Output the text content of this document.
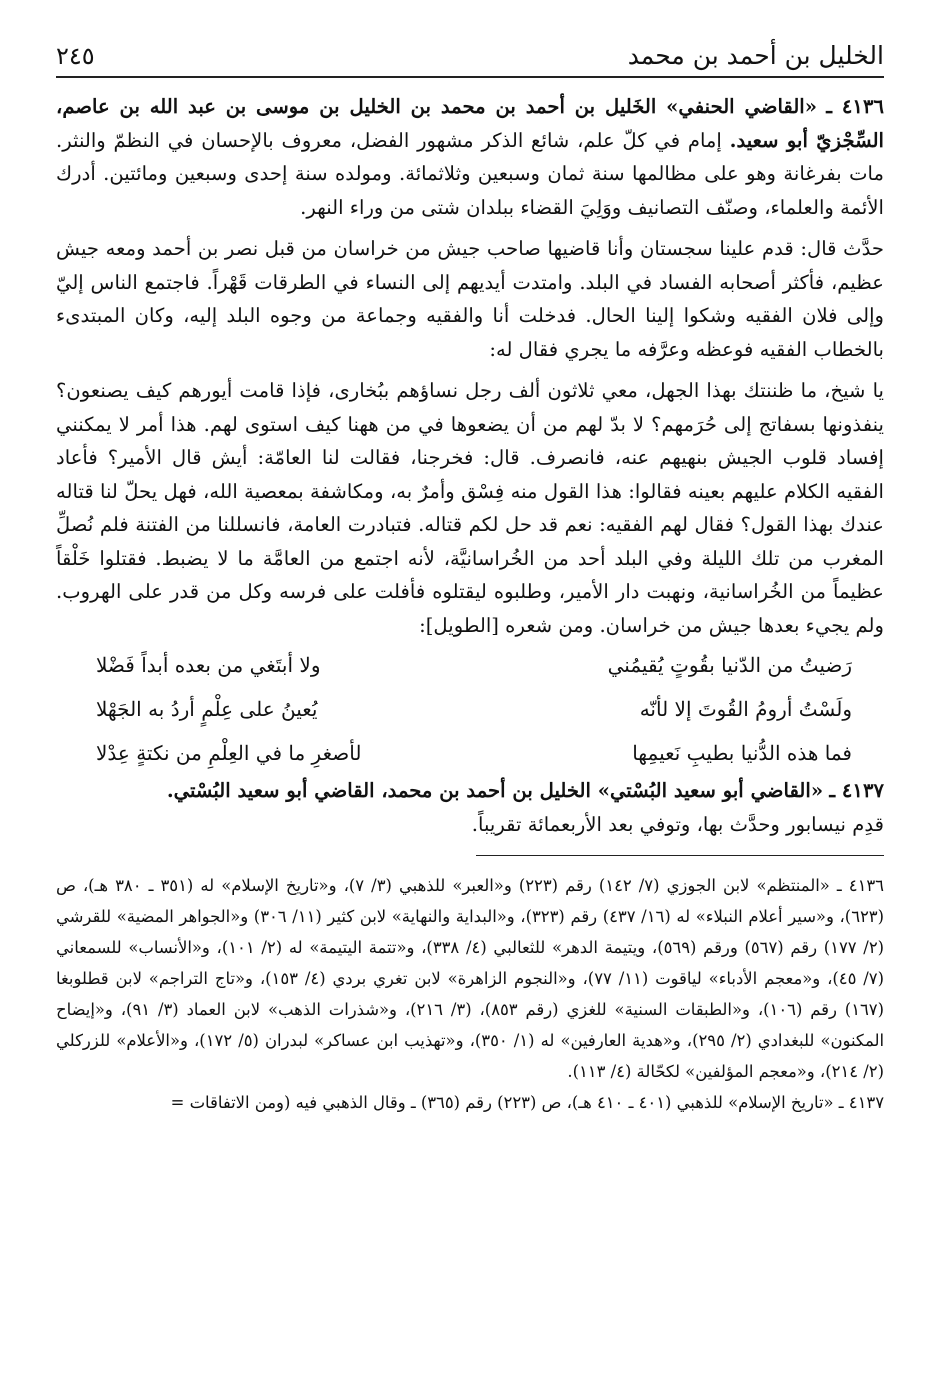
الخليل بن أحمد بن محمد
٢٤٥

٤١٣٦ ـ «القاضي الحنفي» الخَليل بن أحمد بن محمد بن الخليل بن موسى بن عبد الله بن عاصم، السِّجْزيّ أبو سعيد. إمام في كلّ علم، شائع الذكر مشهور الفضل، معروف بالإحسان في النظمّ والنثر. مات بفرغانة وهو على مظالمها سنة ثمان وسبعين وثلاثمائة. ومولده سنة إحدى وسبعين ومائتين. أدرك الأئمة والعلماء، وصنّف التصانيف ووَلِيَ القضاء ببلدان شتى من وراء النهر.

حدَّث قال: قدم علينا سجستان وأنا قاضيها صاحب جيش من خراسان من قبل نصر بن أحمد ومعه جيش عظيم، فأكثر أصحابه الفساد في البلد. وامتدت أيديهم إلى النساء في الطرقات قَهْراً. فاجتمع الناس إليّ وإلى فلان الفقيه وشكوا إلينا الحال. فدخلت أنا والفقيه وجماعة من وجوه البلد إليه، وكان المبتدىء بالخطاب الفقيه فوعظه وعرَّفه ما يجري فقال له:

يا شيخ، ما ظننتك بهذا الجهل، معي ثلاثون ألف رجل نساؤهم ببُخارى، فإذا قامت أيورهم كيف يصنعون؟ ينفذونها بسفاتج إلى حُرَمهم؟ لا بدّ لهم من أن يضعوها في من ههنا كيف استوى لهم. هذا أمر لا يمكنني إفساد قلوب الجيش بنهيهم عنه، فانصرف. قال: فخرجنا، فقالت لنا العامّة: أيش قال الأمير؟ فأعاد الفقيه الكلام عليهم بعينه فقالوا: هذا القول منه فِسْق وأمرٌ به، ومكاشفة بمعصية الله، فهل يحلّ لنا قتاله عندك بهذا القول؟ فقال لهم الفقيه: نعم قد حل لكم قتاله. فتبادرت العامة، فانسللنا من الفتنة فلم نُصلِّ المغرب من تلك الليلة وفي البلد أحد من الخُراسانيَّة، لأنه اجتمع من العامَّة ما لا يضبط. فقتلوا خَلْقاً عظيماً من الخُراسانية، ونهبت دار الأمير، وطلبوه ليقتلوه فأفلت على فرسه وكل من قدر على الهروب. ولم يجيء بعدها جيش من خراسان. ومن شعره [الطويل]:

رَضيتُ من الدّنيا بقُوتٍ يُقيمُني
ولا أبتَغي من بعده أبداً فَضْلا
ولَسْتُ أرومُ القُوتَ إلا لأنّه
يُعينُ على عِلْمٍ أردُ به الجَهْلا
فما هذه الدُّنيا بطيبِ نَعيمِها
لأصغرِ ما في العِلْمِ من نكتةٍ عِدْلا

٤١٣٧ ـ «القاضي أبو سعيد البُسْتي» الخليل بن أحمد بن محمد، القاضي أبو سعيد البُسْتي.

قدِم نيسابور وحدَّث بها، وتوفي بعد الأربعمائة تقريباً.

٤١٣٦ ـ «المنتظم» لابن الجوزي (٧/ ١٤٢) رقم (٢٢٣) و«العبر» للذهبي (٣/ ٧)، و«تاريخ الإسلام» له (٣٥١ ـ ٣٨٠ هـ)، ص (٦٢٣)، و«سير أعلام النبلاء» له (١٦/ ٤٣٧) رقم (٣٢٣)، و«البداية والنهاية» لابن كثير (١١/ ٣٠٦) و«الجواهر المضية» للقرشي (٢/ ١٧٧) رقم (٥٦٧) ورقم (٥٦٩)، ويتيمة الدهر» للثعالبي (٤/ ٣٣٨)، و«تتمة اليتيمة» له (٢/ ١٠١)، و«الأنساب» للسمعاني (٧/ ٤٥)، و«معجم الأدباء» لياقوت (١١/ ٧٧)، و«النجوم الزاهرة» لابن تغري بردي (٤/ ١٥٣)، و«تاج التراجم» لابن قطلوبغا (١٦٧) رقم (١٠٦)، و«الطبقات السنية» للغزي (رقم ٨٥٣)، (٣/ ٢١٦)، و«شذرات الذهب» لابن العماد (٣/ ٩١)، و«إيضاح المكنون» للبغدادي (٢/ ٢٩٥)، و«هدية العارفين» له (١/ ٣٥٠)، و«تهذيب ابن عساكر» لبدران (٥/ ١٧٢)، و«الأعلام» للزركلي (٢/ ٢١٤)، و«معجم المؤلفين» لكحّالة (٤/ ١١٣).

٤١٣٧ ـ «تاريخ الإسلام» للذهبي (٤٠١ ـ ٤١٠ هـ)، ص (٢٢٣) رقم (٣٦٥) ـ وقال الذهبي فيه (ومن الاتفاقات =
